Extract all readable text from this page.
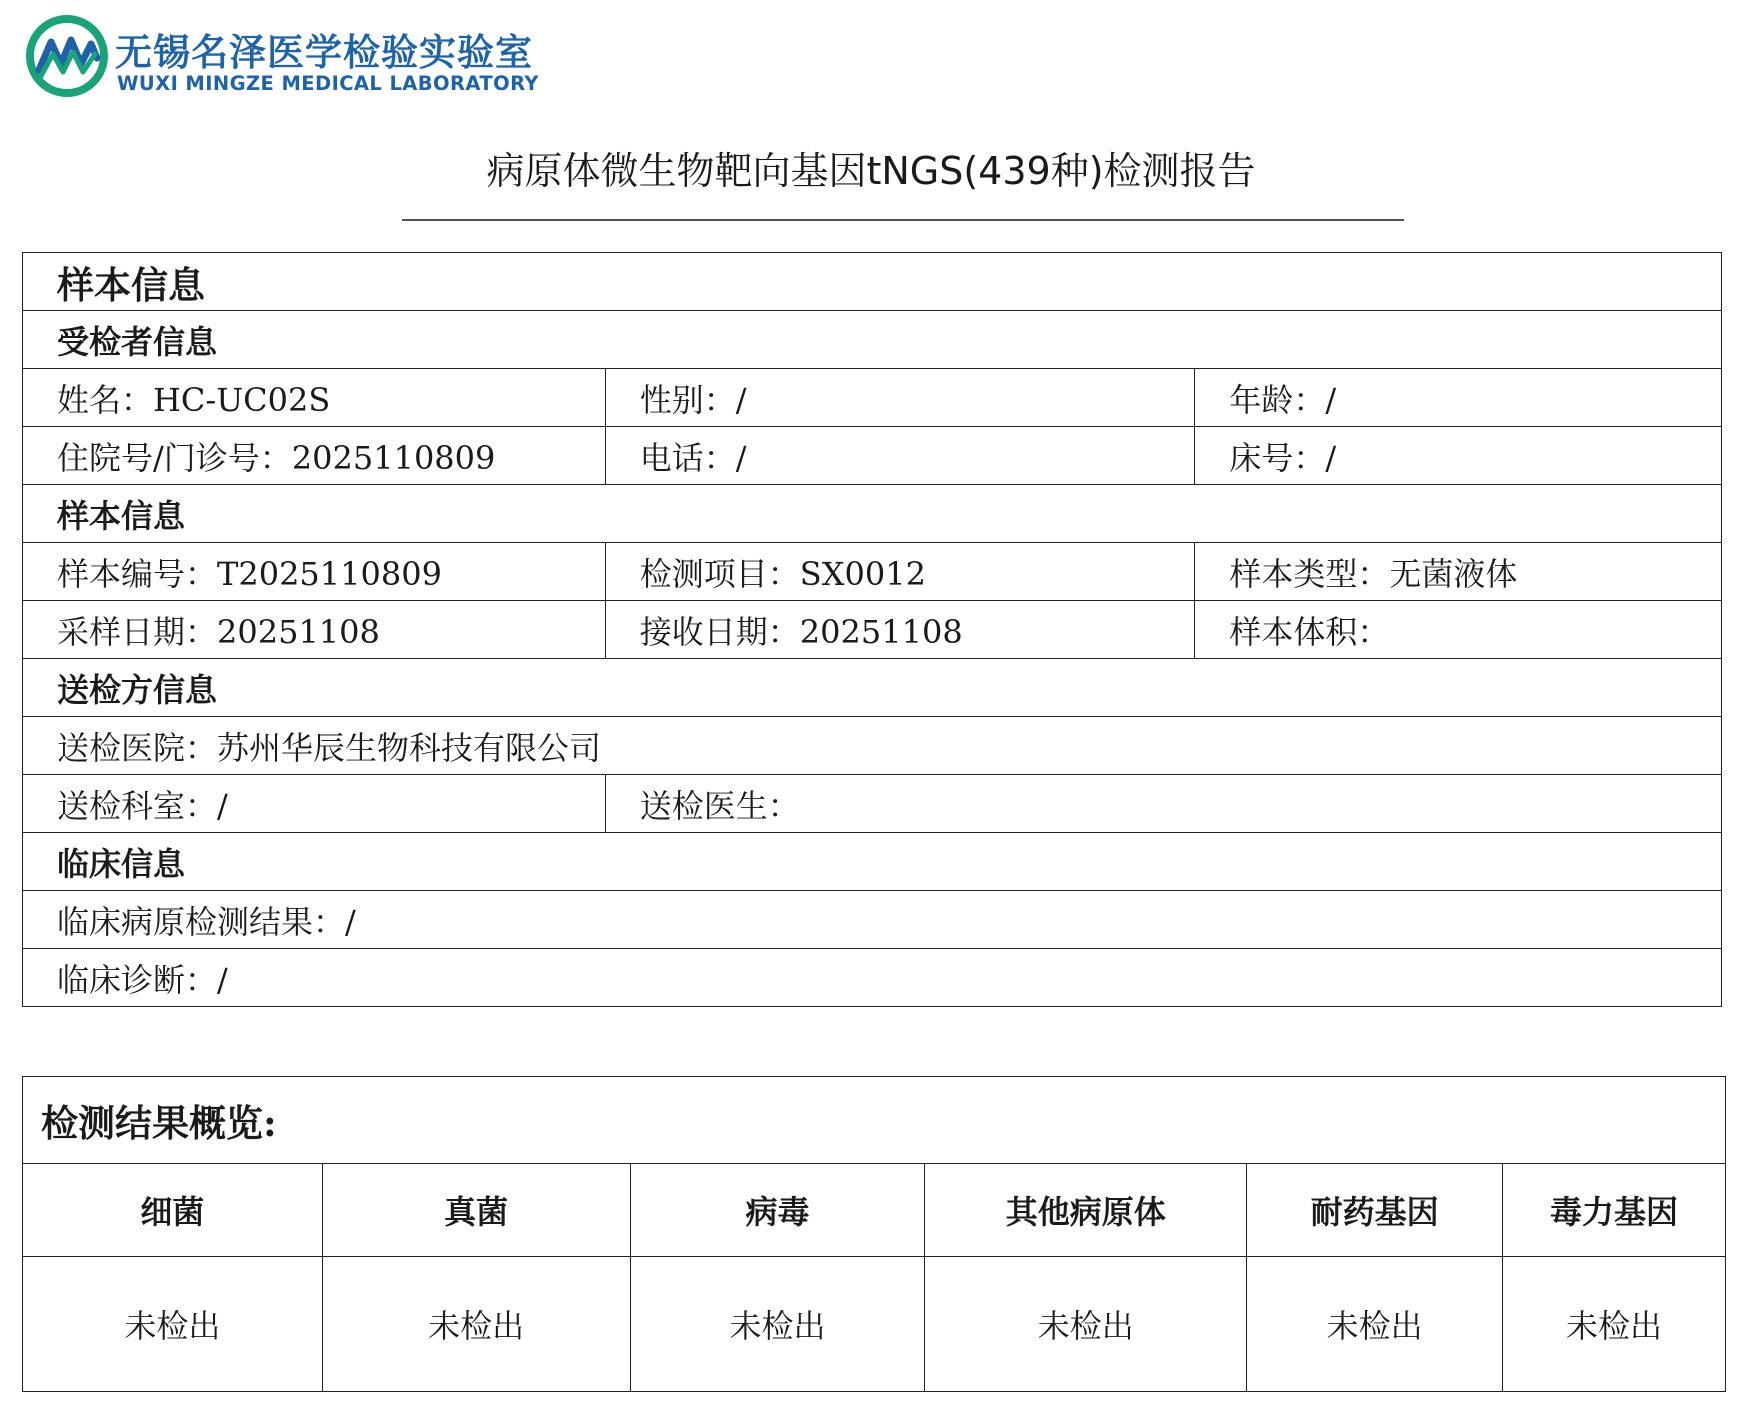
无锡名泽医学检验实验室
WUXI MINGZE MEDICAL LABORATORY
病原体微生物靶向基因tNGS(439种)检测报告
样本信息		
受检者信息		
姓名：HC-UC02S	性别：/	年龄：/
住院号/门诊号：2025110809	电话：/	床号：/
样本信息		
样本编号：T2025110809	检测项目：SX0012	样本类型：无菌液体
采样日期：20251108	接收日期：20251108	样本体积：
送检方信息		
送检医院：苏州华辰生物科技有限公司		
送检科室：/	送检医生：	
临床信息		
临床病原检测结果：/		
临床诊断：/		
检测结果概览:					
细菌	真菌	病毒	其他病原体	耐药基因	毒力基因
未检出	未检出	未检出	未检出	未检出	未检出
